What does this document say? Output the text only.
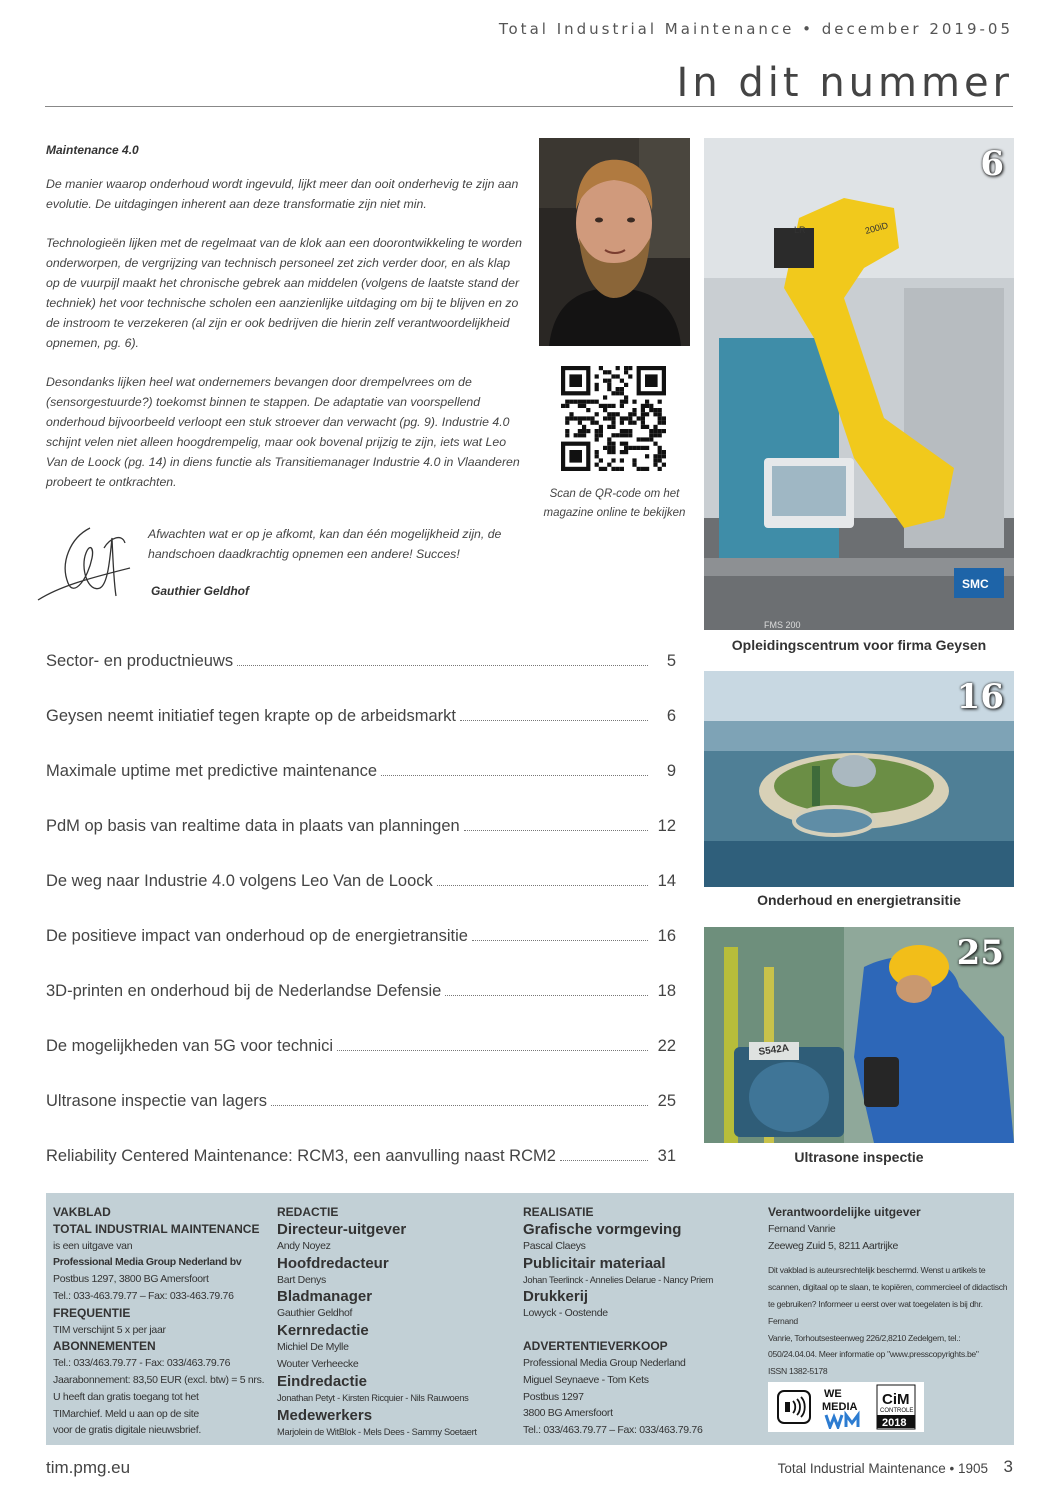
Total Industrial Maintenance • december 2019-05
In dit nummer
Maintenance 4.0

De manier waarop onderhoud wordt ingevuld, lijkt meer dan ooit onderhevig te zijn aan evolutie. De uitdagingen inherent aan deze transformatie zijn niet min.

Technologieën lijken met de regelmaat van de klok aan een doorontwikkeling te worden onderworpen, de vergrijzing van technisch personeel zet zich verder door, en als klap op de vuurpijl maakt het chronische gebrek aan middelen (volgens de laatste stand der techniek) het voor technische scholen een aanzienlijke uitdaging om bij te blijven en zo de instroom te verzekeren (al zijn er ook bedrijven die hierin zelf verantwoordelijkheid opnemen, pg. 6).

Desondanks lijken heel wat ondernemers bevangen door drempelvrees om de (sensorgestuurde?) toekomst binnen te stappen. De adaptatie van voorspellend onderhoud bijvoorbeeld verloopt een stuk stroever dan verwacht (pg. 9). Industrie 4.0 schijnt velen niet alleen hoogdrempelig, maar ook bovenal prijzig te zijn, iets wat Leo Van de Loock (pg. 14) in diens functie als Transitiemanager Industrie 4.0 in Vlaanderen probeert te ontkrachten.

Afwachten wat er op je afkomt, kan dan één mogelijkheid zijn, de handschoen daadkrachtig opnemen een andere! Succes!
Gauthier Geldhof
Scan de QR-code om het magazine online te bekijken
LR	200iD
FMS 200
SMC
6
Opleidingscentrum voor firma Geysen
16
Onderhoud en energietransitie
S542A
25
Ultrasone inspectie
Sector- en productnieuws	5
Geysen neemt initiatief tegen krapte op de arbeidsmarkt	6
Maximale uptime met predictive maintenance	9
PdM op basis van realtime data in plaats van planningen	12
De weg naar Industrie 4.0 volgens Leo Van de Loock	14
De positieve impact van onderhoud op de energietransitie	16
3D-printen en onderhoud bij de Nederlandse Defensie	18
De mogelijkheden van 5G voor technici	22
Ultrasone inspectie van lagers	25
Reliability Centered Maintenance: RCM3, een aanvulling naast RCM2	31
VAKBLAD
TOTAL INDUSTRIAL MAINTENANCE
is een uitgave van
Professional Media Group Nederland bv
Postbus 1297, 3800 BG Amersfoort
Tel.: 033-463.79.77 – Fax: 033-463.79.76
FREQUENTIE
TIM verschijnt 5 x per jaar
ABONNEMENTEN
Tel.: 033/463.79.77 - Fax: 033/463.79.76
Jaarabonnement: 83,50 EUR (excl. btw) = 5 nrs.
U heeft dan gratis toegang tot het
TIMarchief. Meld u aan op de site
voor de gratis digitale nieuwsbrief.
REDACTIE
Directeur-uitgever
Andy Noyez
Hoofdredacteur
Bart Denys
Bladmanager
Gauthier Geldhof
Kernredactie
Michiel De Mylle
Wouter Verheecke
Eindredactie
Jonathan Petyt - Kirsten Ricquier - Nils Rauwoens
Medewerkers
Marjolein de WitBlok - Mels Dees - Sammy Soetaert
REALISATIE
Grafische vormgeving
Pascal Claeys
Publicitair materiaal
Johan Teerlinck - Annelies Delarue - Nancy Priem
Drukkerij
Lowyck - Oostende
ADVERTENTIEVERKOOP
Professional Media Group Nederland
Miguel Seynaeve - Tom Kets
Postbus 1297
3800 BG Amersfoort
Tel.: 033/463.79.77 – Fax: 033/463.79.76
Verantwoordelijke uitgever
Fernand Vanrie
Zeeweg Zuid 5, 8211 Aartrijke
Dit vakblad is auteursrechtelijk beschermd. Wenst u artikels te
scannen, digitaal op te slaan, te kopiëren, commercieel of didactisch
te gebruiken? Informeer u eerst over wat toegelaten is bij dhr. Fernand
Vanrie, Torhoutsesteenweg 226/2,8210 Zedelgem, tel.:
050/24.04.04. Meer informatie op "www.presscopyrights.be"
ISSN 1382-5178
WE
MEDIA CiM
CONTROLE
2018
tim.pmg.eu	Total Industrial Maintenance • 1905 3
